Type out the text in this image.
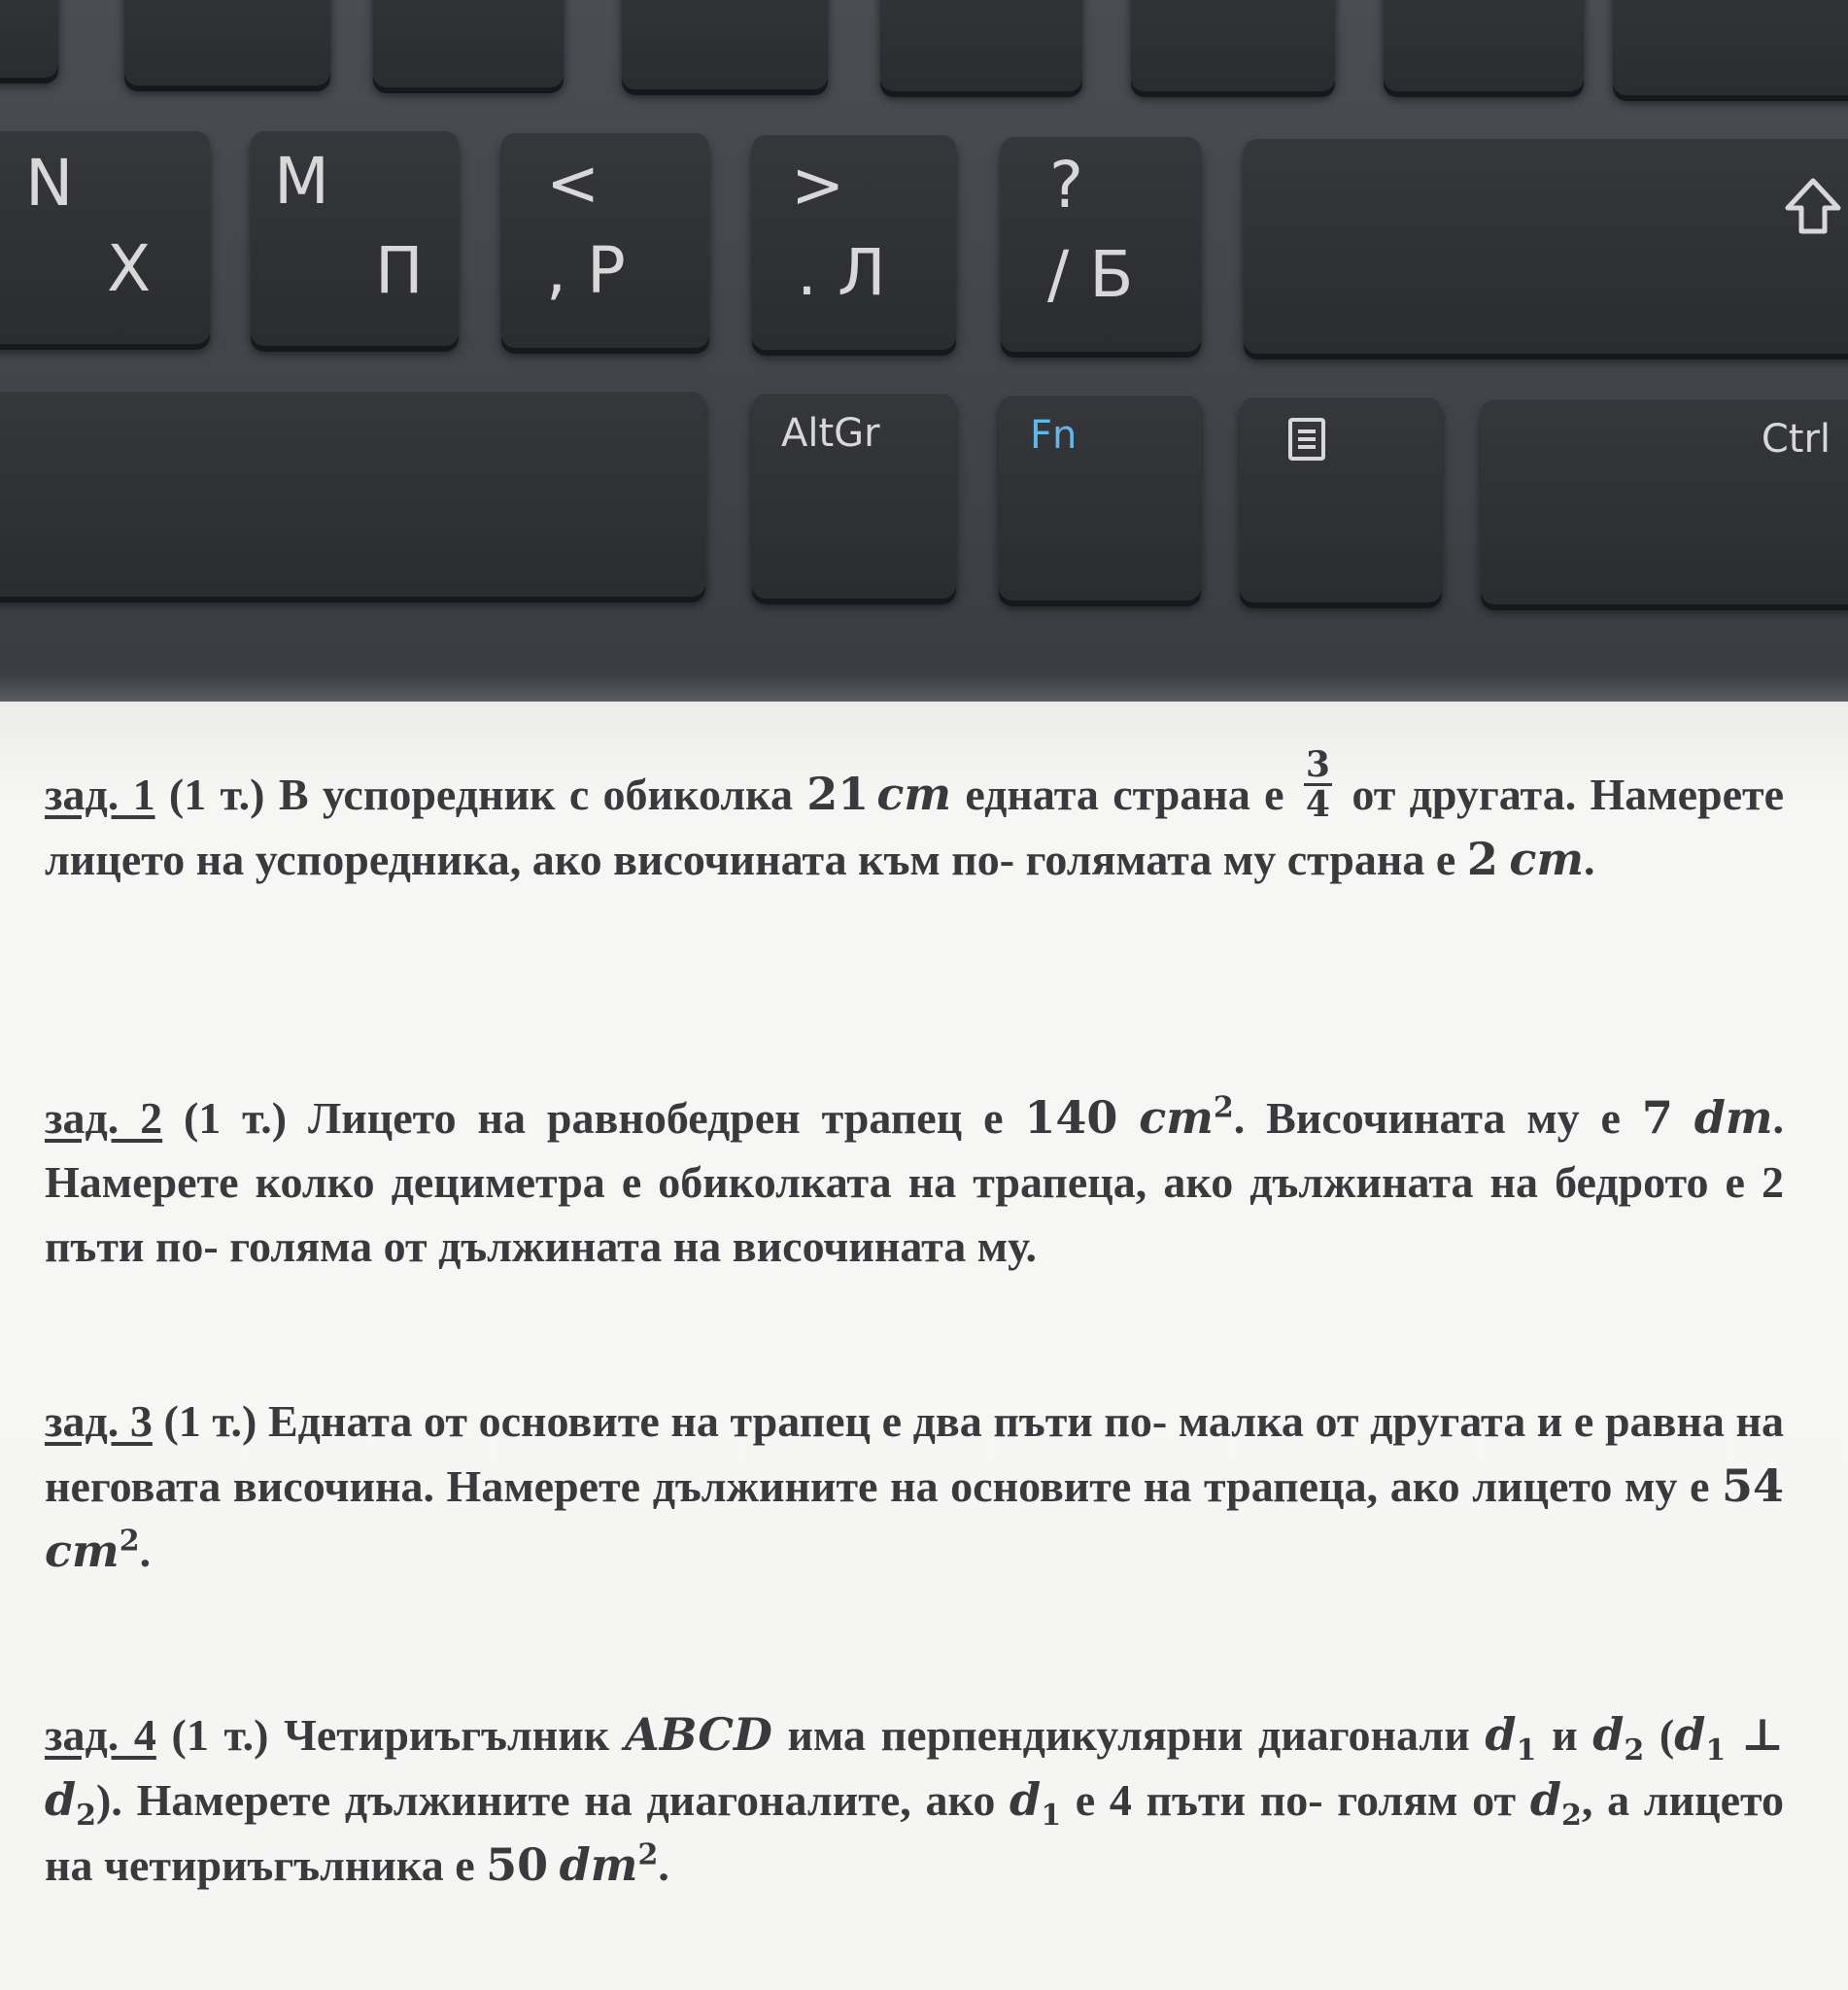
N
Х
M
П
<
, Р
>
. Л
?
/ Б
AltGr	Fn	Ctrl
зад. 1 (1 т.) В успоредник с обиколка 21 cm едната страна е $\frac{3}{4}$ от другата. Намерете лицето на успоредника, ако височината към по- голямата му страна е 2 cm.
зад. 2 (1 т.) Лицето на равнобедрен трапец е 140 $cm^2$. Височината му е 7 dm. Намерете колко дециметра е обиколката на трапеца, ако дължината на бедрото е 2 пъти по- голяма от дължината на височината му.
зад. 3 (1 т.) Едната от основите на трапец е два пъти по- малка от другата и е равна на неговата височина. Намерете дължините на основите на трапеца, ако лицето му е 54 $cm^2$.
зад. 4 (1 т.) Четириъгълник ABCD има перпендикулярни диагонали $d_1$ и $d_2$ ($d_1$ ⊥ $d_2$). Намерете дължините на диагоналите, ако $d_1$ е 4 пъти по- голям от $d_2$, а лицето на четириъгълника е 50 $dm^2$.
